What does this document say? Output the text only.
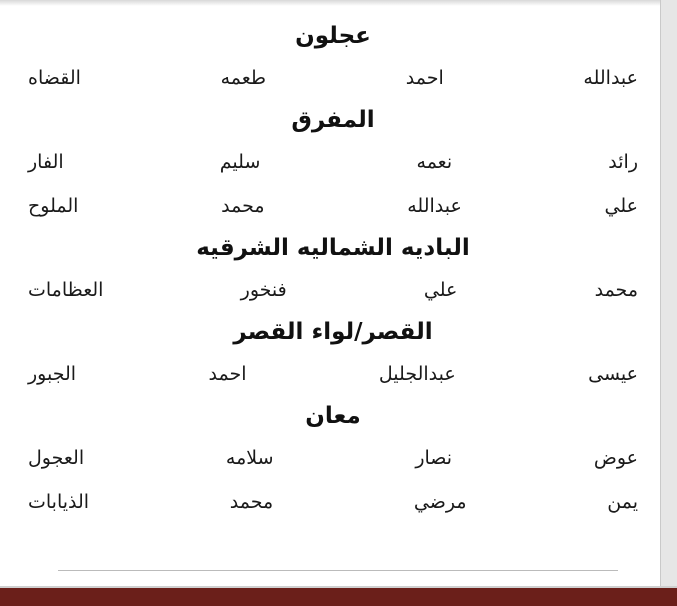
عجلون
عبدالله احمد طعمه القضاه
المفرق
رائد نعمه سليم الفار
علي عبدالله محمد الملوح
الباديه الشماليه الشرقيه
محمد علي فنخور العظامات
القصر/لواء القصر
عيسى عبدالجليل احمد الجبور
معان
عوض نصار سلامه العجول
يمن مرضي محمد الذيابات
